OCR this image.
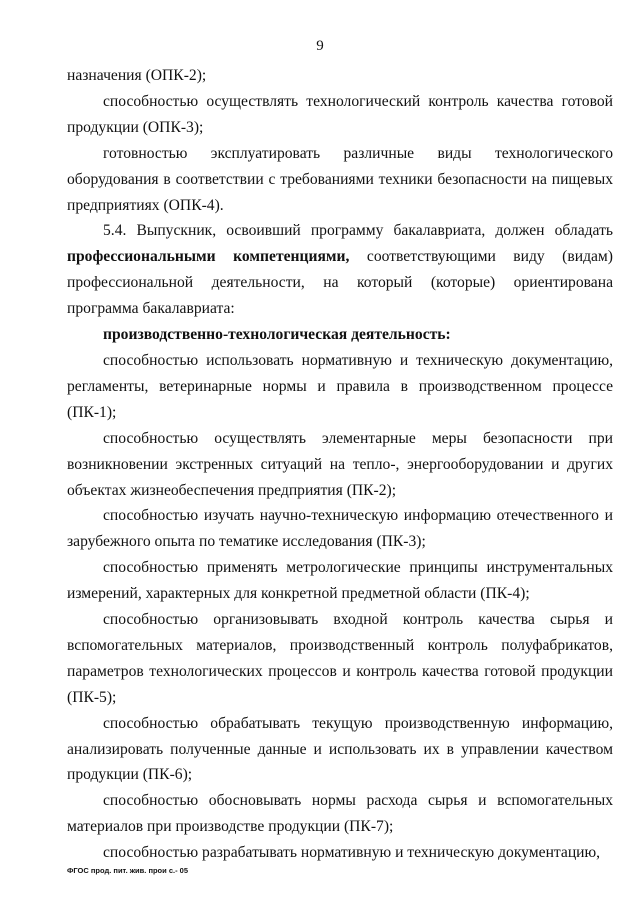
9

назначения (ОПК-2);

способностью осуществлять технологический контроль качества готовой продукции (ОПК-3);

готовностью эксплуатировать различные виды технологического оборудования в соответствии с требованиями техники безопасности на пищевых предприятиях (ОПК-4).

5.4. Выпускник, освоивший программу бакалавриата, должен обладать профессиональными компетенциями, соответствующими виду (видам) профессиональной деятельности, на который (которые) ориентирована программа бакалавриата:

производственно-технологическая деятельность:

способностью использовать нормативную и техническую документацию, регламенты, ветеринарные нормы и правила в производственном процессе (ПК-1);

способностью осуществлять элементарные меры безопасности при возникновении экстренных ситуаций на тепло-, энергооборудовании и других объектах жизнеобеспечения предприятия (ПК-2);

способностью изучать научно-техническую информацию отечественного и зарубежного опыта по тематике исследования (ПК-3);

способностью применять метрологические принципы инструментальных измерений, характерных для конкретной предметной области (ПК-4);

способностью организовывать входной контроль качества сырья и вспомогательных материалов, производственный контроль полуфабрикатов, параметров технологических процессов и контроль качества готовой продукции (ПК-5);

способностью обрабатывать текущую производственную информацию, анализировать полученные данные и использовать их в управлении качеством продукции (ПК-6);

способностью обосновывать нормы расхода сырья и вспомогательных материалов при производстве продукции (ПК-7);

способностью разрабатывать нормативную и техническую документацию,

ФГОС прод. пит. жив. прои с.- 05
